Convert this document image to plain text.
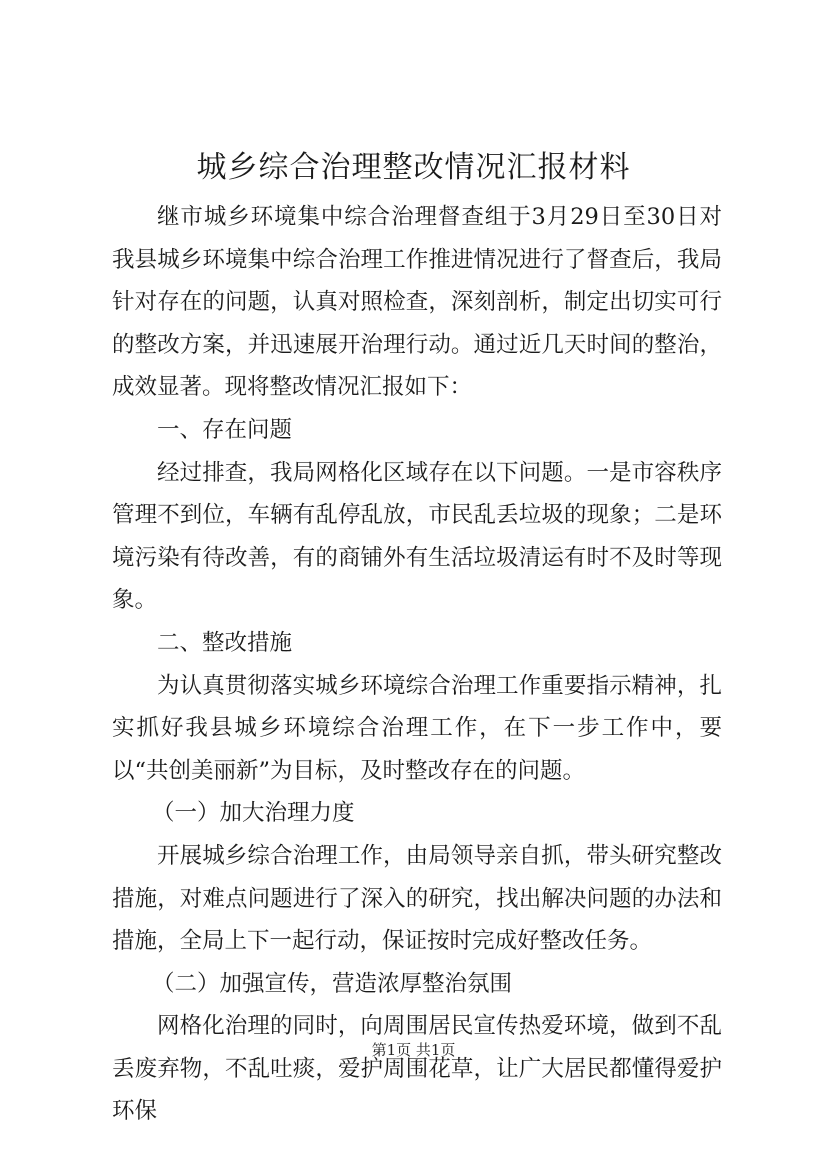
城乡综合治理整改情况汇报材料

继市城乡环境集中综合治理督查组于3月29日至30日对我县城乡环境集中综合治理工作推进情况进行了督查后，我局针对存在的问题，认真对照检查，深刻剖析，制定出切实可行的整改方案，并迅速展开治理行动。通过近几天时间的整治，成效显著。现将整改情况汇报如下：

一、存在问题

经过排查，我局网格化区域存在以下问题。一是市容秩序管理不到位，车辆有乱停乱放，市民乱丢垃圾的现象；二是环境污染有待改善，有的商铺外有生活垃圾清运有时不及时等现象。

二、整改措施

为认真贯彻落实城乡环境综合治理工作重要指示精神，扎实抓好我县城乡环境综合治理工作，在下一步工作中，要以“共创美丽新”为目标，及时整改存在的问题。

（一）加大治理力度

开展城乡综合治理工作，由局领导亲自抓，带头研究整改措施，对难点问题进行了深入的研究，找出解决问题的办法和措施，全局上下一起行动，保证按时完成好整改任务。

（二）加强宣传，营造浓厚整治氛围

网格化治理的同时，向周围居民宣传热爱环境，做到不乱丢废弃物，不乱吐痰，爱护周围花草，让广大居民都懂得爱护环保

第1页 共1页
